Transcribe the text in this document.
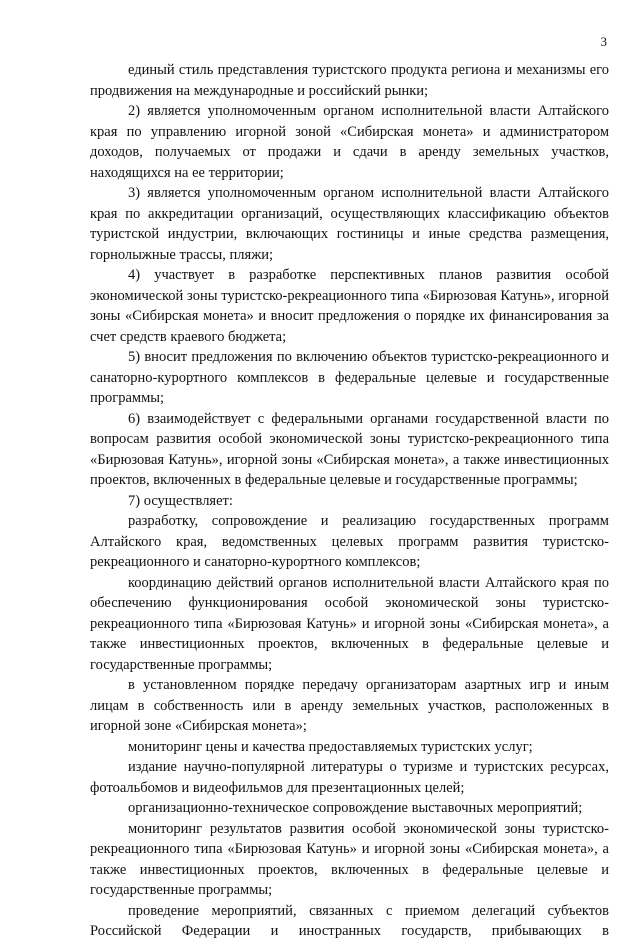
3

единый стиль представления туристского продукта региона и механизмы его продвижения на международные и российский рынки;

2) является уполномоченным органом исполнительной власти Алтайского края по управлению игорной зоной «Сибирская монета» и администратором доходов, получаемых от продажи и сдачи в аренду земельных участков, находящихся на ее территории;

3) является уполномоченным органом исполнительной власти Алтайского края по аккредитации организаций, осуществляющих классификацию объектов туристской индустрии, включающих гостиницы и иные средства размещения, горнолыжные трассы, пляжи;

4) участвует в разработке перспективных планов развития особой экономической зоны туристско-рекреационного типа «Бирюзовая Катунь», игорной зоны «Сибирская монета» и вносит предложения о порядке их финансирования за счет средств краевого бюджета;

5) вносит предложения по включению объектов туристско-рекреационного и санаторно-курортного комплексов в федеральные целевые и государственные программы;

6) взаимодействует с федеральными органами государственной власти по вопросам развития особой экономической зоны туристско-рекреационного типа «Бирюзовая Катунь», игорной зоны «Сибирская монета», а также инвестиционных проектов, включенных в федеральные целевые и государственные программы;

7) осуществляет:

разработку, сопровождение и реализацию государственных программ Алтайского края, ведомственных целевых программ развития туристско-рекреационного и санаторно-курортного комплексов;

координацию действий органов исполнительной власти Алтайского края по обеспечению функционирования особой экономической зоны туристско-рекреационного типа «Бирюзовая Катунь» и игорной зоны «Сибирская монета», а также инвестиционных проектов, включенных в федеральные целевые и государственные программы;

в установленном порядке передачу организаторам азартных игр и иным лицам в собственность или в аренду земельных участков, расположенных в игорной зоне «Сибирская монета»;

мониторинг цены и качества предоставляемых туристских услуг;

издание научно-популярной литературы о туризме и туристских ресурсах, фотоальбомов и видеофильмов для презентационных целей;

организационно-техническое сопровождение выставочных мероприятий;

мониторинг результатов развития особой экономической зоны туристско-рекреационного типа «Бирюзовая Катунь» и игорной зоны «Сибирская монета», а также инвестиционных проектов, включенных в федеральные целевые и государственные программы;

проведение мероприятий, связанных с приемом делегаций субъектов Российской Федерации и иностранных государств, прибывающих в
